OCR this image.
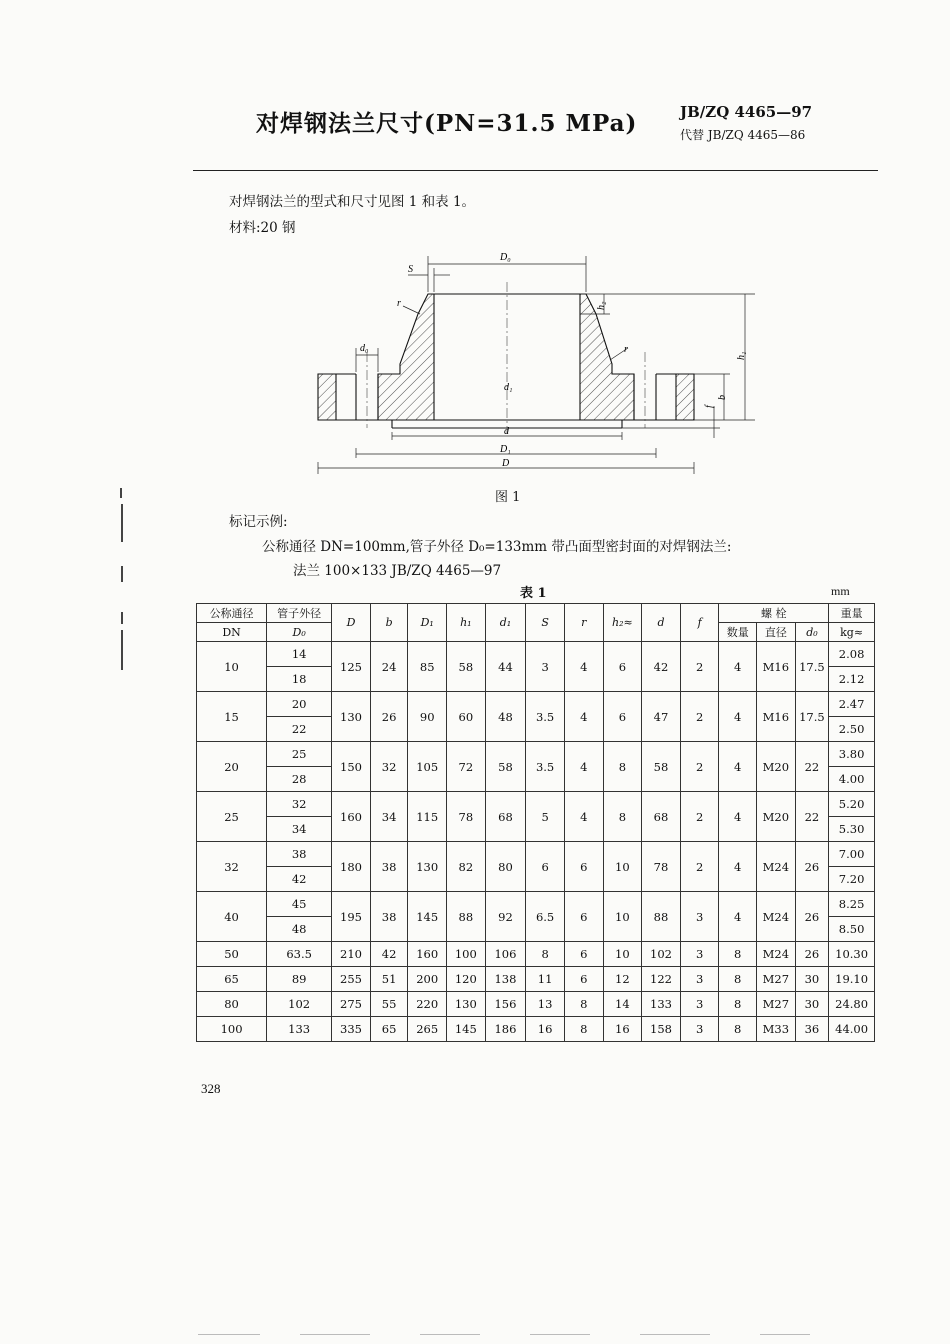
对焊钢法兰尺寸(PN=31.5 MPa)	JB/ZQ 4465—97
代替 JB/ZQ 4465—86
对焊钢法兰的型式和尺寸见图 1 和表 1。
材料:20 钢
D₀
S
r	h₂
d₀
d₁
r
h₁
f
b
d
D₁
D
图 1
标记示例:
公称通径 DN=100mm,管子外径 D₀=133mm 带凸面型密封面的对焊钢法兰:
法兰 100×133 JB/ZQ 4465—97
表 1	mm
公称通径	管子外径	D	b	D₁	h₁	d₁	S	r	h₂≈	d	f	螺 栓			重量
DN	D₀											数量	直径	d₀	kg≈
10	14	125	24	85	58	44	3	4	6	42	2	4	M16	17.5	2.08
	18														2.12
15	20	130	26	90	60	48	3.5	4	6	47	2	4	M16	17.5	2.47
	22														2.50
20	25	150	32	105	72	58	3.5	4	8	58	2	4	M20	22	3.80
	28														4.00
25	32	160	34	115	78	68	5	4	8	68	2	4	M20	22	5.20
	34														5.30
32	38	180	38	130	82	80	6	6	10	78	2	4	M24	26	7.00
	42														7.20
40	45	195	38	145	88	92	6.5	6	10	88	3	4	M24	26	8.25
	48														8.50
50	63.5	210	42	160	100	106	8	6	10	102	3	8	M24	26	10.30
65	89	255	51	200	120	138	11	6	12	122	3	8	M27	30	19.10
80	102	275	55	220	130	156	13	8	14	133	3	8	M27	30	24.80
100	133	335	65	265	145	186	16	8	16	158	3	8	M33	36	44.00
328
